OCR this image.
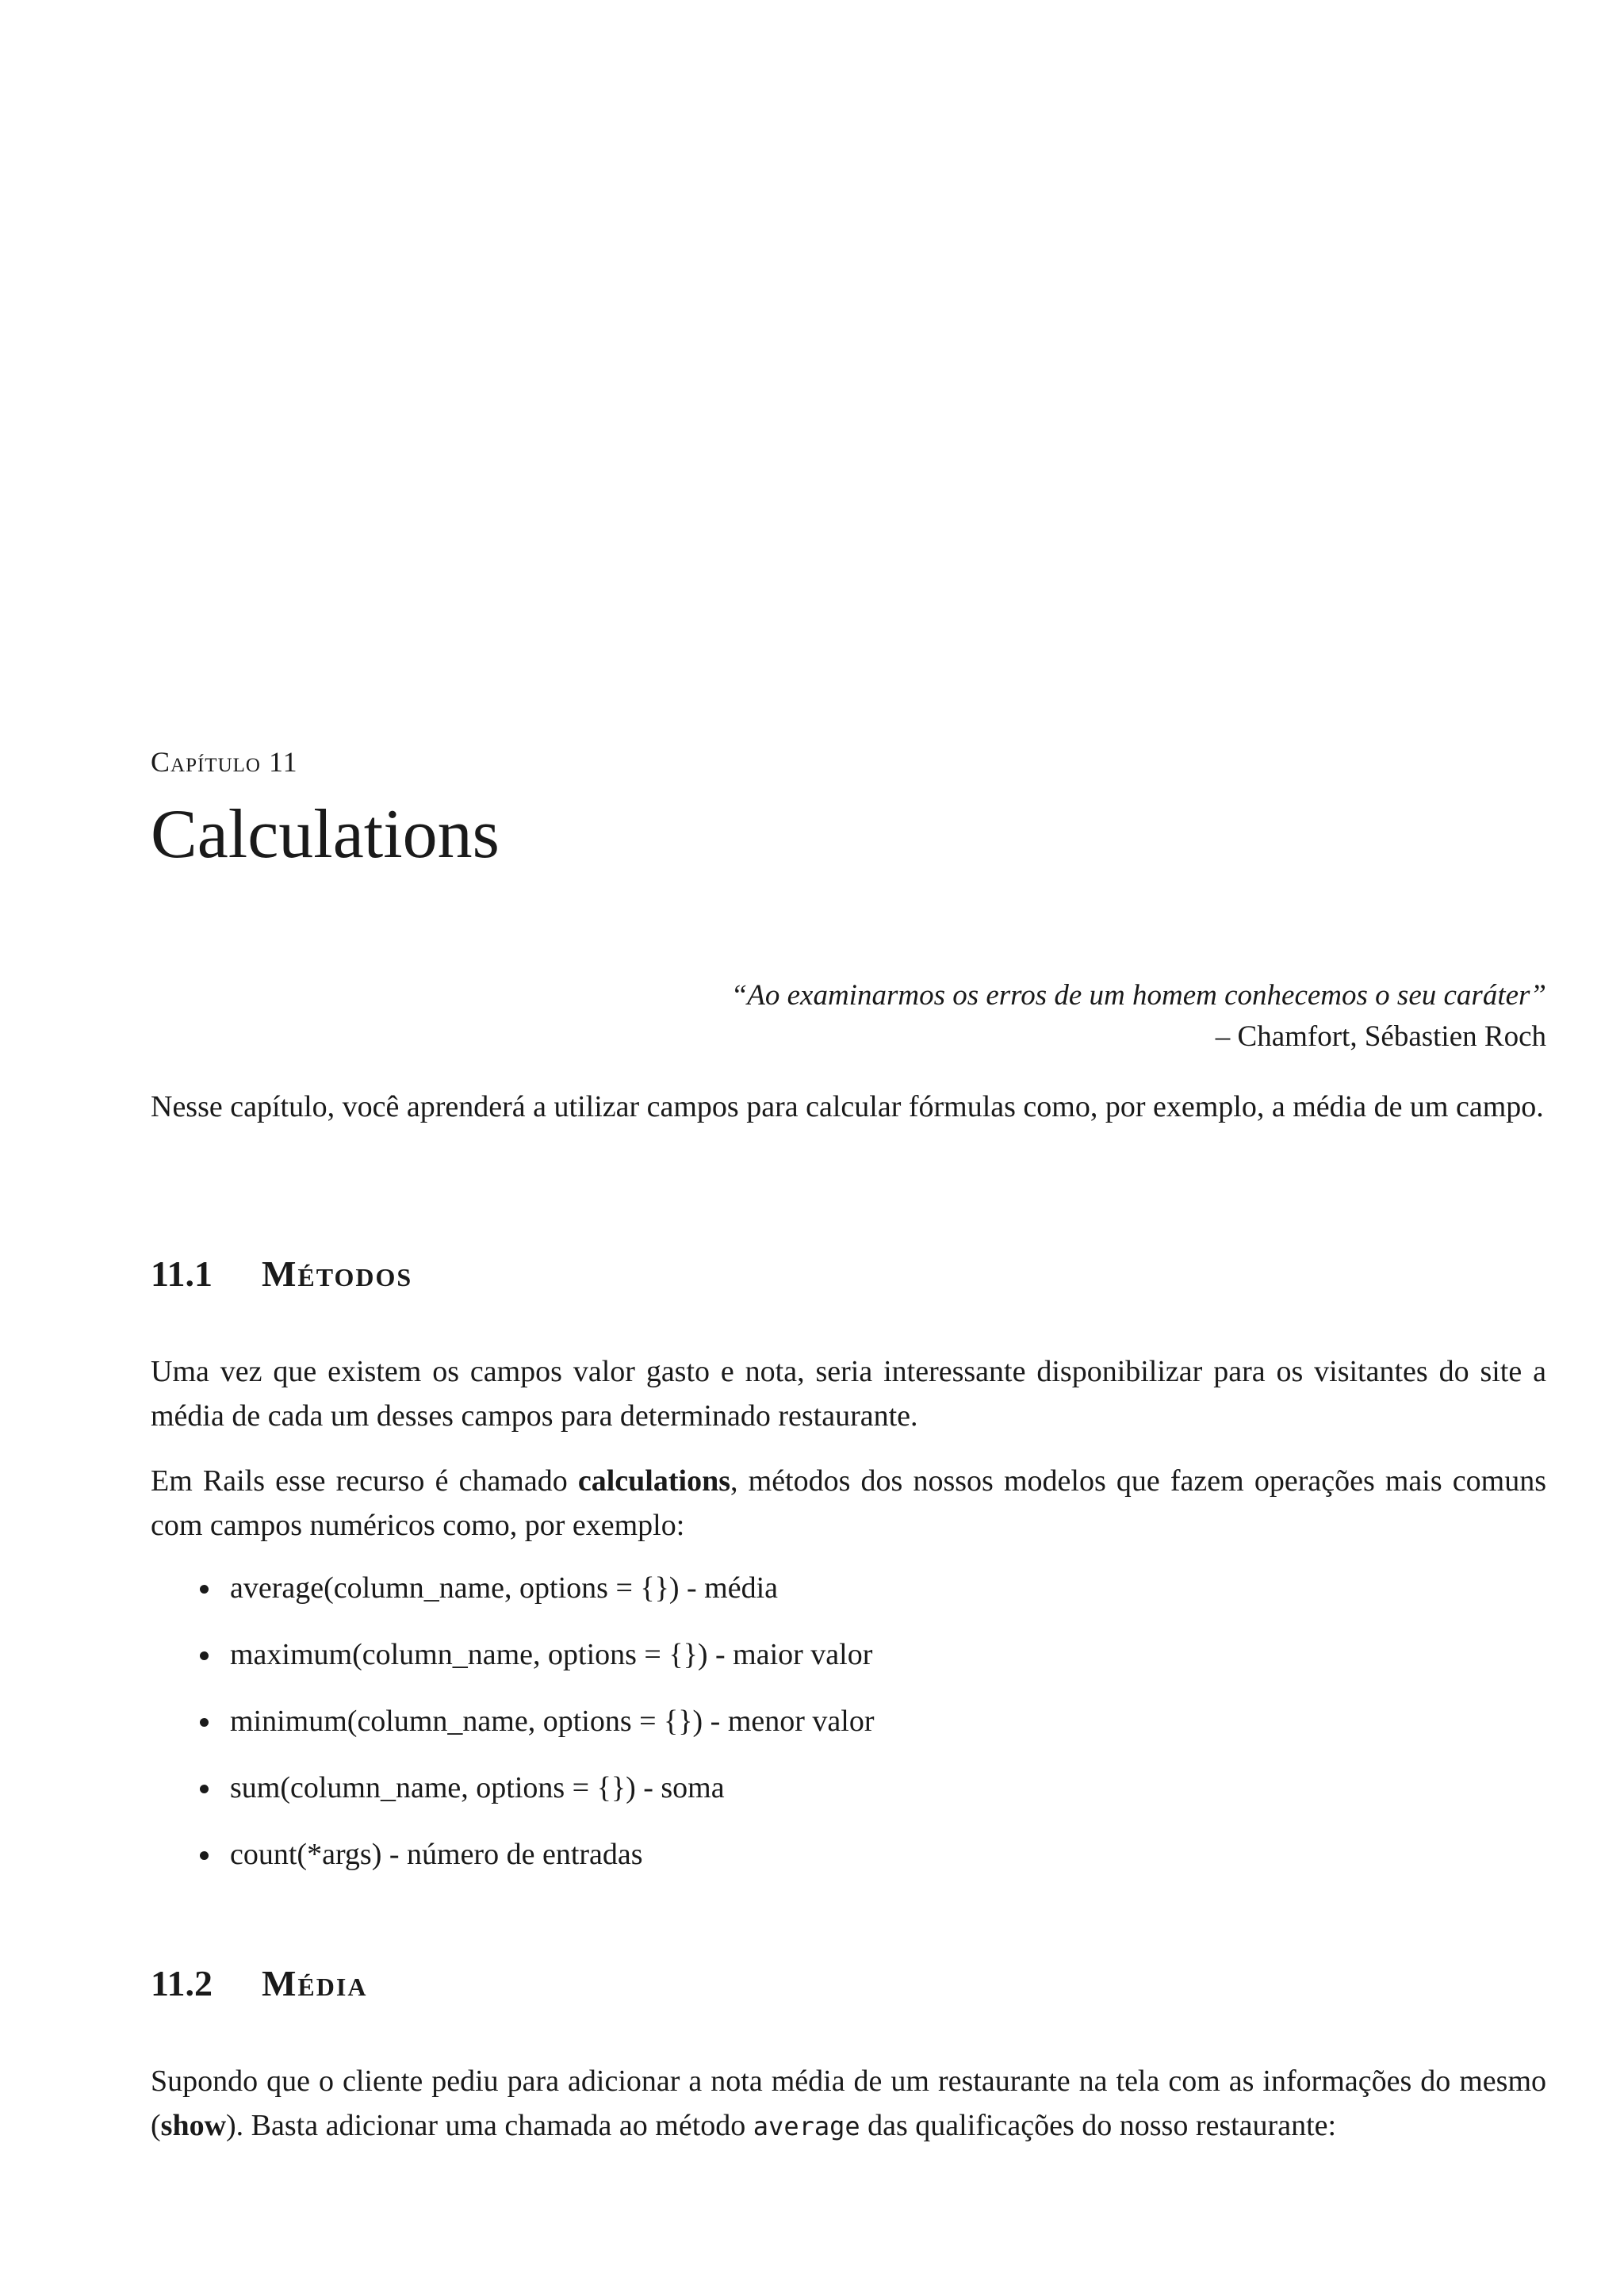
Capítulo 11
Calculations
“Ao examinarmos os erros de um homem conhecemos o seu caráter”
– Chamfort, Sébastien Roch

Nesse capítulo, você aprenderá a utilizar campos para calcular fórmulas como, por exemplo, a média de um campo.

11.1 Métodos

Uma vez que existem os campos valor gasto e nota, seria interessante disponibilizar para os visitantes do site a média de cada um desses campos para determinado restaurante.

Em Rails esse recurso é chamado calculations, métodos dos nossos modelos que fazem operações mais comuns com campos numéricos como, por exemplo:

average(column_name, options = {}) - média
maximum(column_name, options = {}) - maior valor
minimum(column_name, options = {}) - menor valor
sum(column_name, options = {}) - soma
count(*args) - número de entradas
11.2 Média

Supondo que o cliente pediu para adicionar a nota média de um restaurante na tela com as informações do mesmo (show). Basta adicionar uma chamada ao método average das qualificações do nosso restaurante:
